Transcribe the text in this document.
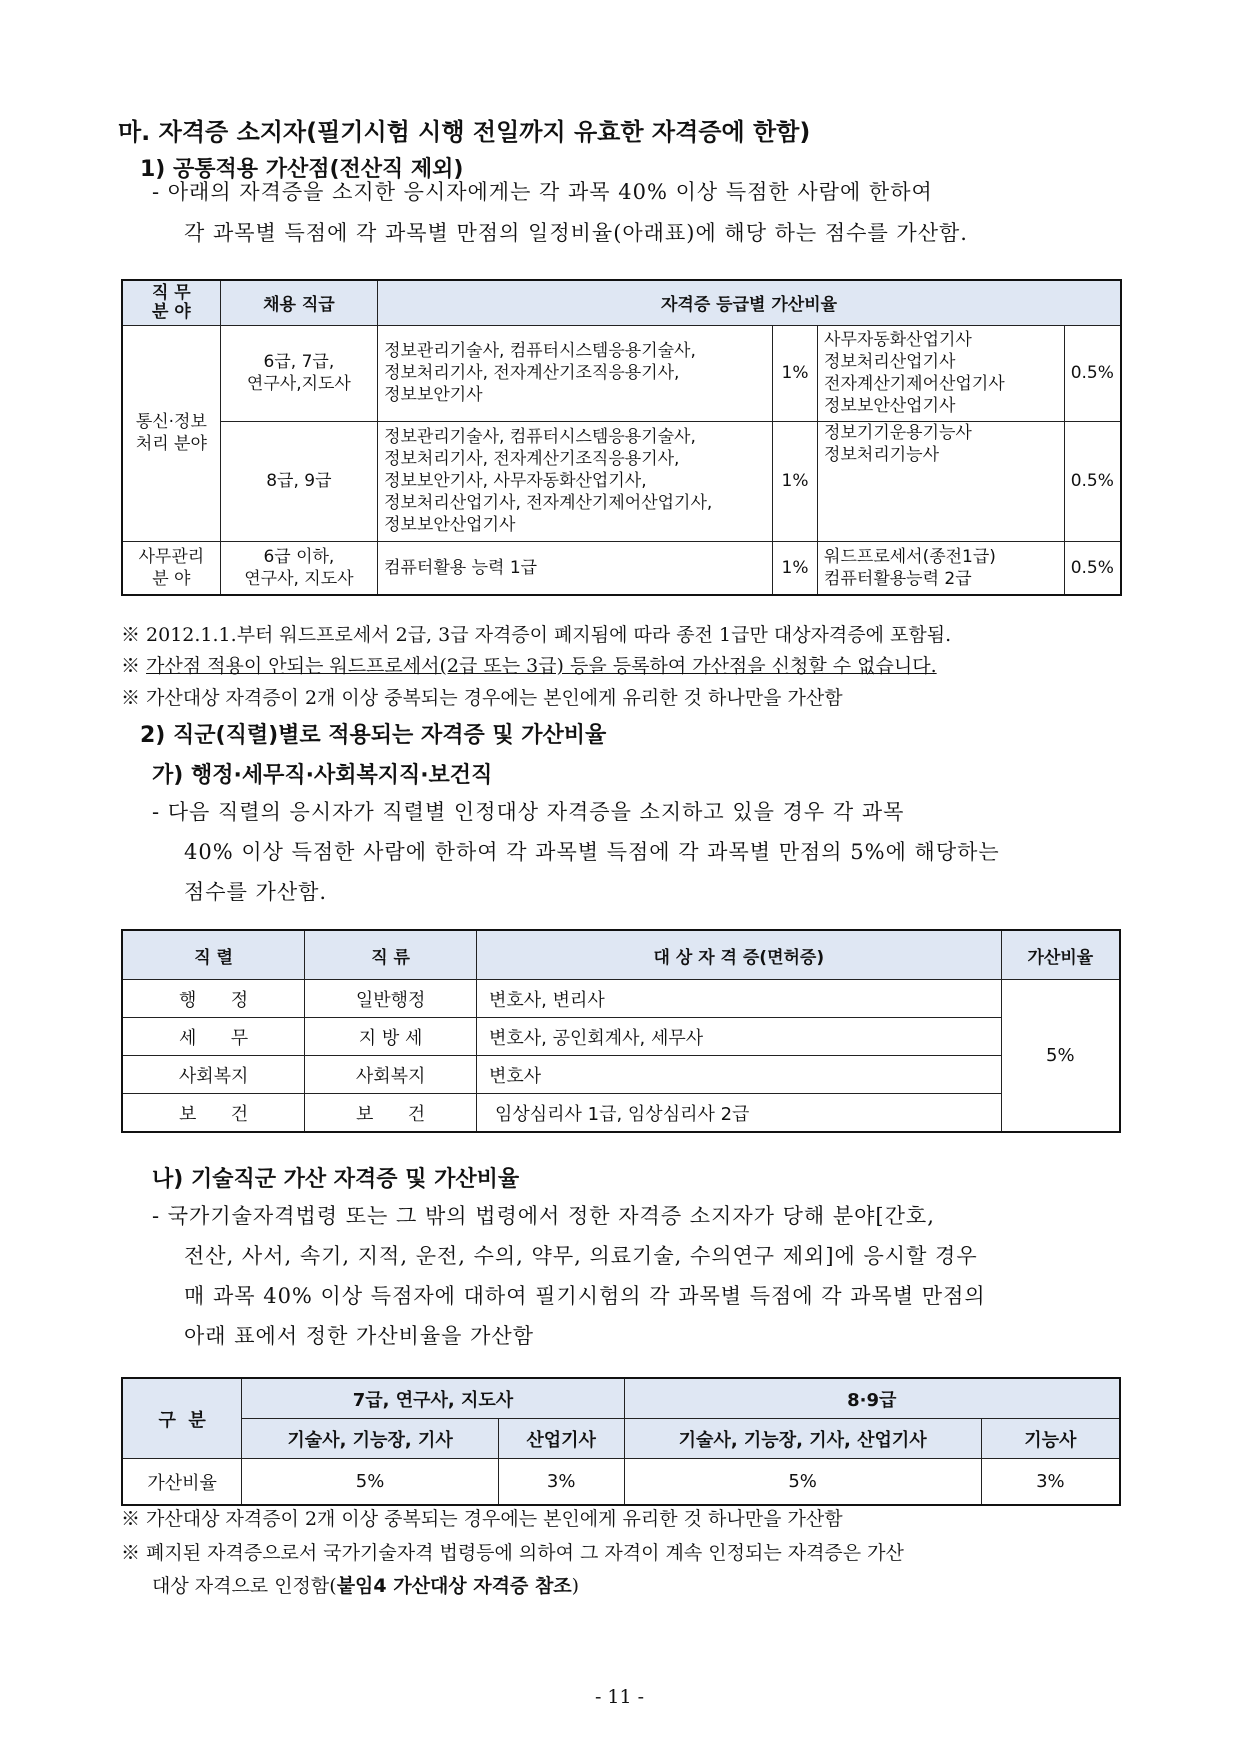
마. 자격증 소지자(필기시험 시행 전일까지 유효한 자격증에 한함)
1) 공통적용 가산점(전산직 제외)
- 아래의 자격증을 소지한 응시자에게는 각 과목 40% 이상 득점한 사람에 한하여
각 과목별 득점에 각 과목별 만점의 일정비율(아래표)에 해당 하는 점수를 가산함.
직 무
분 야	채용 직급	자격증 등급별 가산비율			
통신·정보
처리 분야	6급, 7급,
연구사,지도사	정보관리기술사, 컴퓨터시스템응용기술사,
정보처리기사, 전자계산기조직응용기사,
정보보안기사	1%	사무자동화산업기사
정보처리산업기사
전자계산기제어산업기사
정보보안산업기사	0.5%
	8급, 9급	정보관리기술사, 컴퓨터시스템응용기술사,
정보처리기사, 전자계산기조직응용기사,
정보보안기사, 사무자동화산업기사,
정보처리산업기사, 전자계산기제어산업기사,
정보보안산업기사	1%	정보기기운용기능사
정보처리기능사	0.5%
사무관리
분 야	6급 이하,
연구사, 지도사	컴퓨터활용 능력 1급	1%	워드프로세서(종전1급)
컴퓨터활용능력 2급	0.5%
※ 2012.1.1.부터 워드프로세서 2급, 3급 자격증이 폐지됨에 따라 종전 1급만 대상자격증에 포함됨.
※ 가산점 적용이 안되는 워드프로세서(2급 또는 3급) 등을 등록하여 가산점을 신청할 수 없습니다.
※ 가산대상 자격증이 2개 이상 중복되는 경우에는 본인에게 유리한 것 하나만을 가산함
2) 직군(직렬)별로 적용되는 자격증 및 가산비율
가) 행정·세무직·사회복지직·보건직
- 다음 직렬의 응시자가 직렬별 인정대상 자격증을 소지하고 있을 경우 각 과목
40% 이상 득점한 사람에 한하여 각 과목별 득점에 각 과목별 만점의 5%에 해당하는
점수를 가산함.
직 렬	직 류	대 상 자 격 증(면허증)	가산비율
행      정	일반행정	변호사, 변리사	5%
세      무	지 방 세	변호사, 공인회계사, 세무사	
사회복지	사회복지	변호사	
보      건	보      건	임상심리사 1급, 임상심리사 2급	
나) 기술직군 가산 자격증 및 가산비율
- 국가기술자격법령 또는 그 밖의 법령에서 정한 자격증 소지자가 당해 분야[간호,
전산, 사서, 속기, 지적, 운전, 수의, 약무, 의료기술, 수의연구 제외]에 응시할 경우
매 과목 40% 이상 득점자에 대하여 필기시험의 각 과목별 득점에 각 과목별 만점의
아래 표에서 정한 가산비율을 가산함
구  분	7급, 연구사, 지도사		8·9급	
	기술사, 기능장, 기사	산업기사	기술사, 기능장, 기사, 산업기사	기능사
가산비율	5%	3%	5%	3%
※ 가산대상 자격증이 2개 이상 중복되는 경우에는 본인에게 유리한 것 하나만을 가산함
※ 폐지된 자격증으로서 국가기술자격 법령등에 의하여 그 자격이 계속 인정되는 자격증은 가산
대상 자격으로 인정함(붙임4 가산대상 자격증 참조)
- 11 -
